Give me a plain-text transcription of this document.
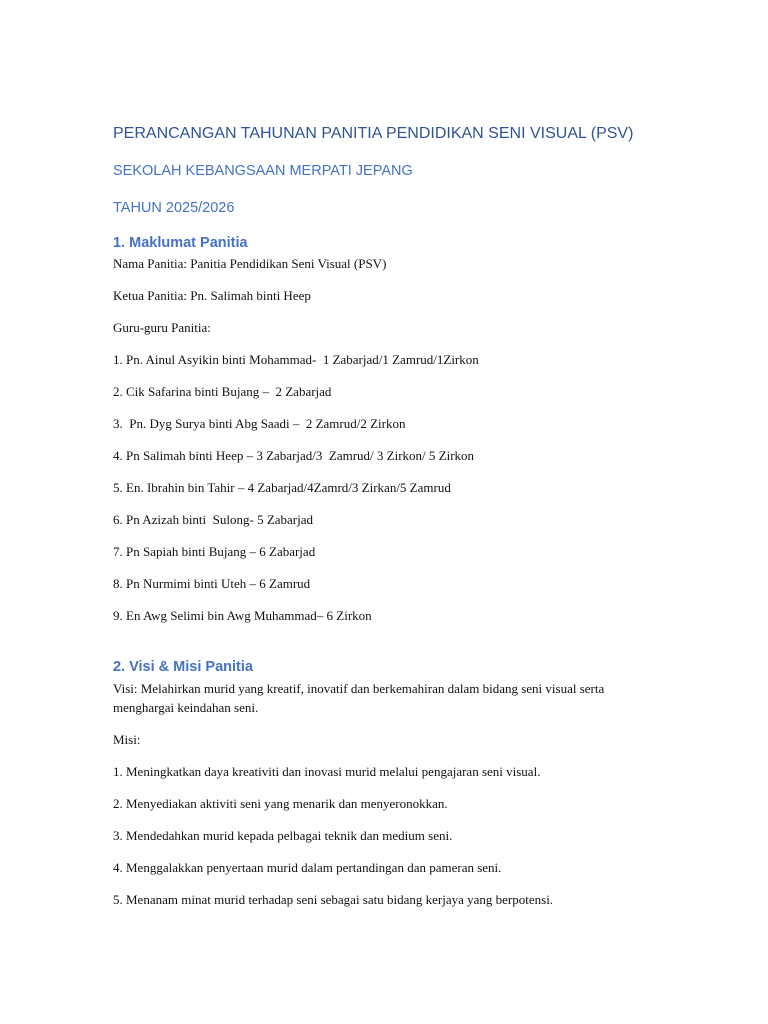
PERANCANGAN TAHUNAN PANITIA PENDIDIKAN SENI VISUAL (PSV)

SEKOLAH KEBANGSAAN MERPATI JEPANG

TAHUN 2025/2026

1. Maklumat Panitia

Nama Panitia: Panitia Pendidikan Seni Visual (PSV)

Ketua Panitia: Pn. Salimah binti Heep

Guru-guru Panitia:

1. Pn. Ainul Asyikin binti Mohammad-  1 Zabarjad/1 Zamrud/1Zirkon

2. Cik Safarina binti Bujang –  2 Zabarjad

3.  Pn. Dyg Surya binti Abg Saadi –  2 Zamrud/2 Zirkon

4. Pn Salimah binti Heep – 3 Zabarjad/3  Zamrud/ 3 Zirkon/ 5 Zirkon

5. En. Ibrahin bin Tahir – 4 Zabarjad/4Zamrd/3 Zirkan/5 Zamrud

6. Pn Azizah binti  Sulong- 5 Zabarjad

7. Pn Sapiah binti Bujang – 6 Zabarjad

8. Pn Nurmimi binti Uteh – 6 Zamrud

9. En Awg Selimi bin Awg Muhammad– 6 Zirkon

2. Visi & Misi Panitia

Visi: Melahirkan murid yang kreatif, inovatif dan berkemahiran dalam bidang seni visual serta menghargai keindahan seni.

Misi:

1. Meningkatkan daya kreativiti dan inovasi murid melalui pengajaran seni visual.

2. Menyediakan aktiviti seni yang menarik dan menyeronokkan.

3. Mendedahkan murid kepada pelbagai teknik dan medium seni.

4. Menggalakkan penyertaan murid dalam pertandingan dan pameran seni.

5. Menanam minat murid terhadap seni sebagai satu bidang kerjaya yang berpotensi.
